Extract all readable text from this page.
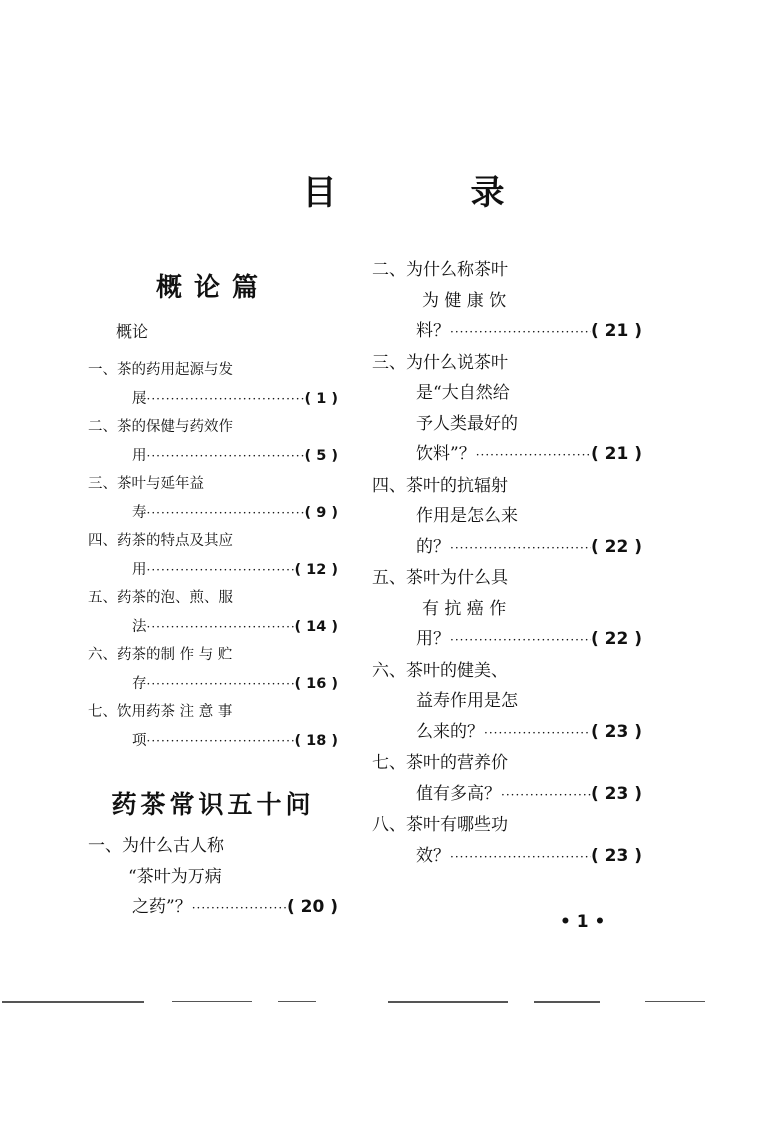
目　录
概论篇
概论
一、茶的药用起源与发
展 ·····	( 1 )
二、茶的保健与药效作
用 ·····	( 5 )
三、茶叶与延年益
寿 ·····	( 9 )
四、药茶的特点及其应
用 ·····	( 12 )
五、药茶的泡、煎、服
法 ·····	( 14 )
六、药茶的制 作 与 贮
存 ·····	( 16 )
七、饮用药茶 注 意 事
项 ·····	( 18 )
药茶常识五十问
一、为什么古人称
“茶叶为万病
之药”？ ·····	( 20 )
二、为什么称茶叶
为 健 康 饮
料？ ·····	( 21 )
三、为什么说茶叶
是“大自然给
予人类最好的
饮料”？ ·····	( 21 )
四、茶叶的抗辐射
作用是怎么来
的？ ·····	( 22 )
五、茶叶为什么具
有 抗 癌 作
用？ ·····	( 22 )
六、茶叶的健美、
益寿作用是怎
么来的？ ·····	( 23 )
七、茶叶的营养价
值有多高？ ·····	( 23 )
八、茶叶有哪些功
效？ ·····	( 23 )
• 1 •
